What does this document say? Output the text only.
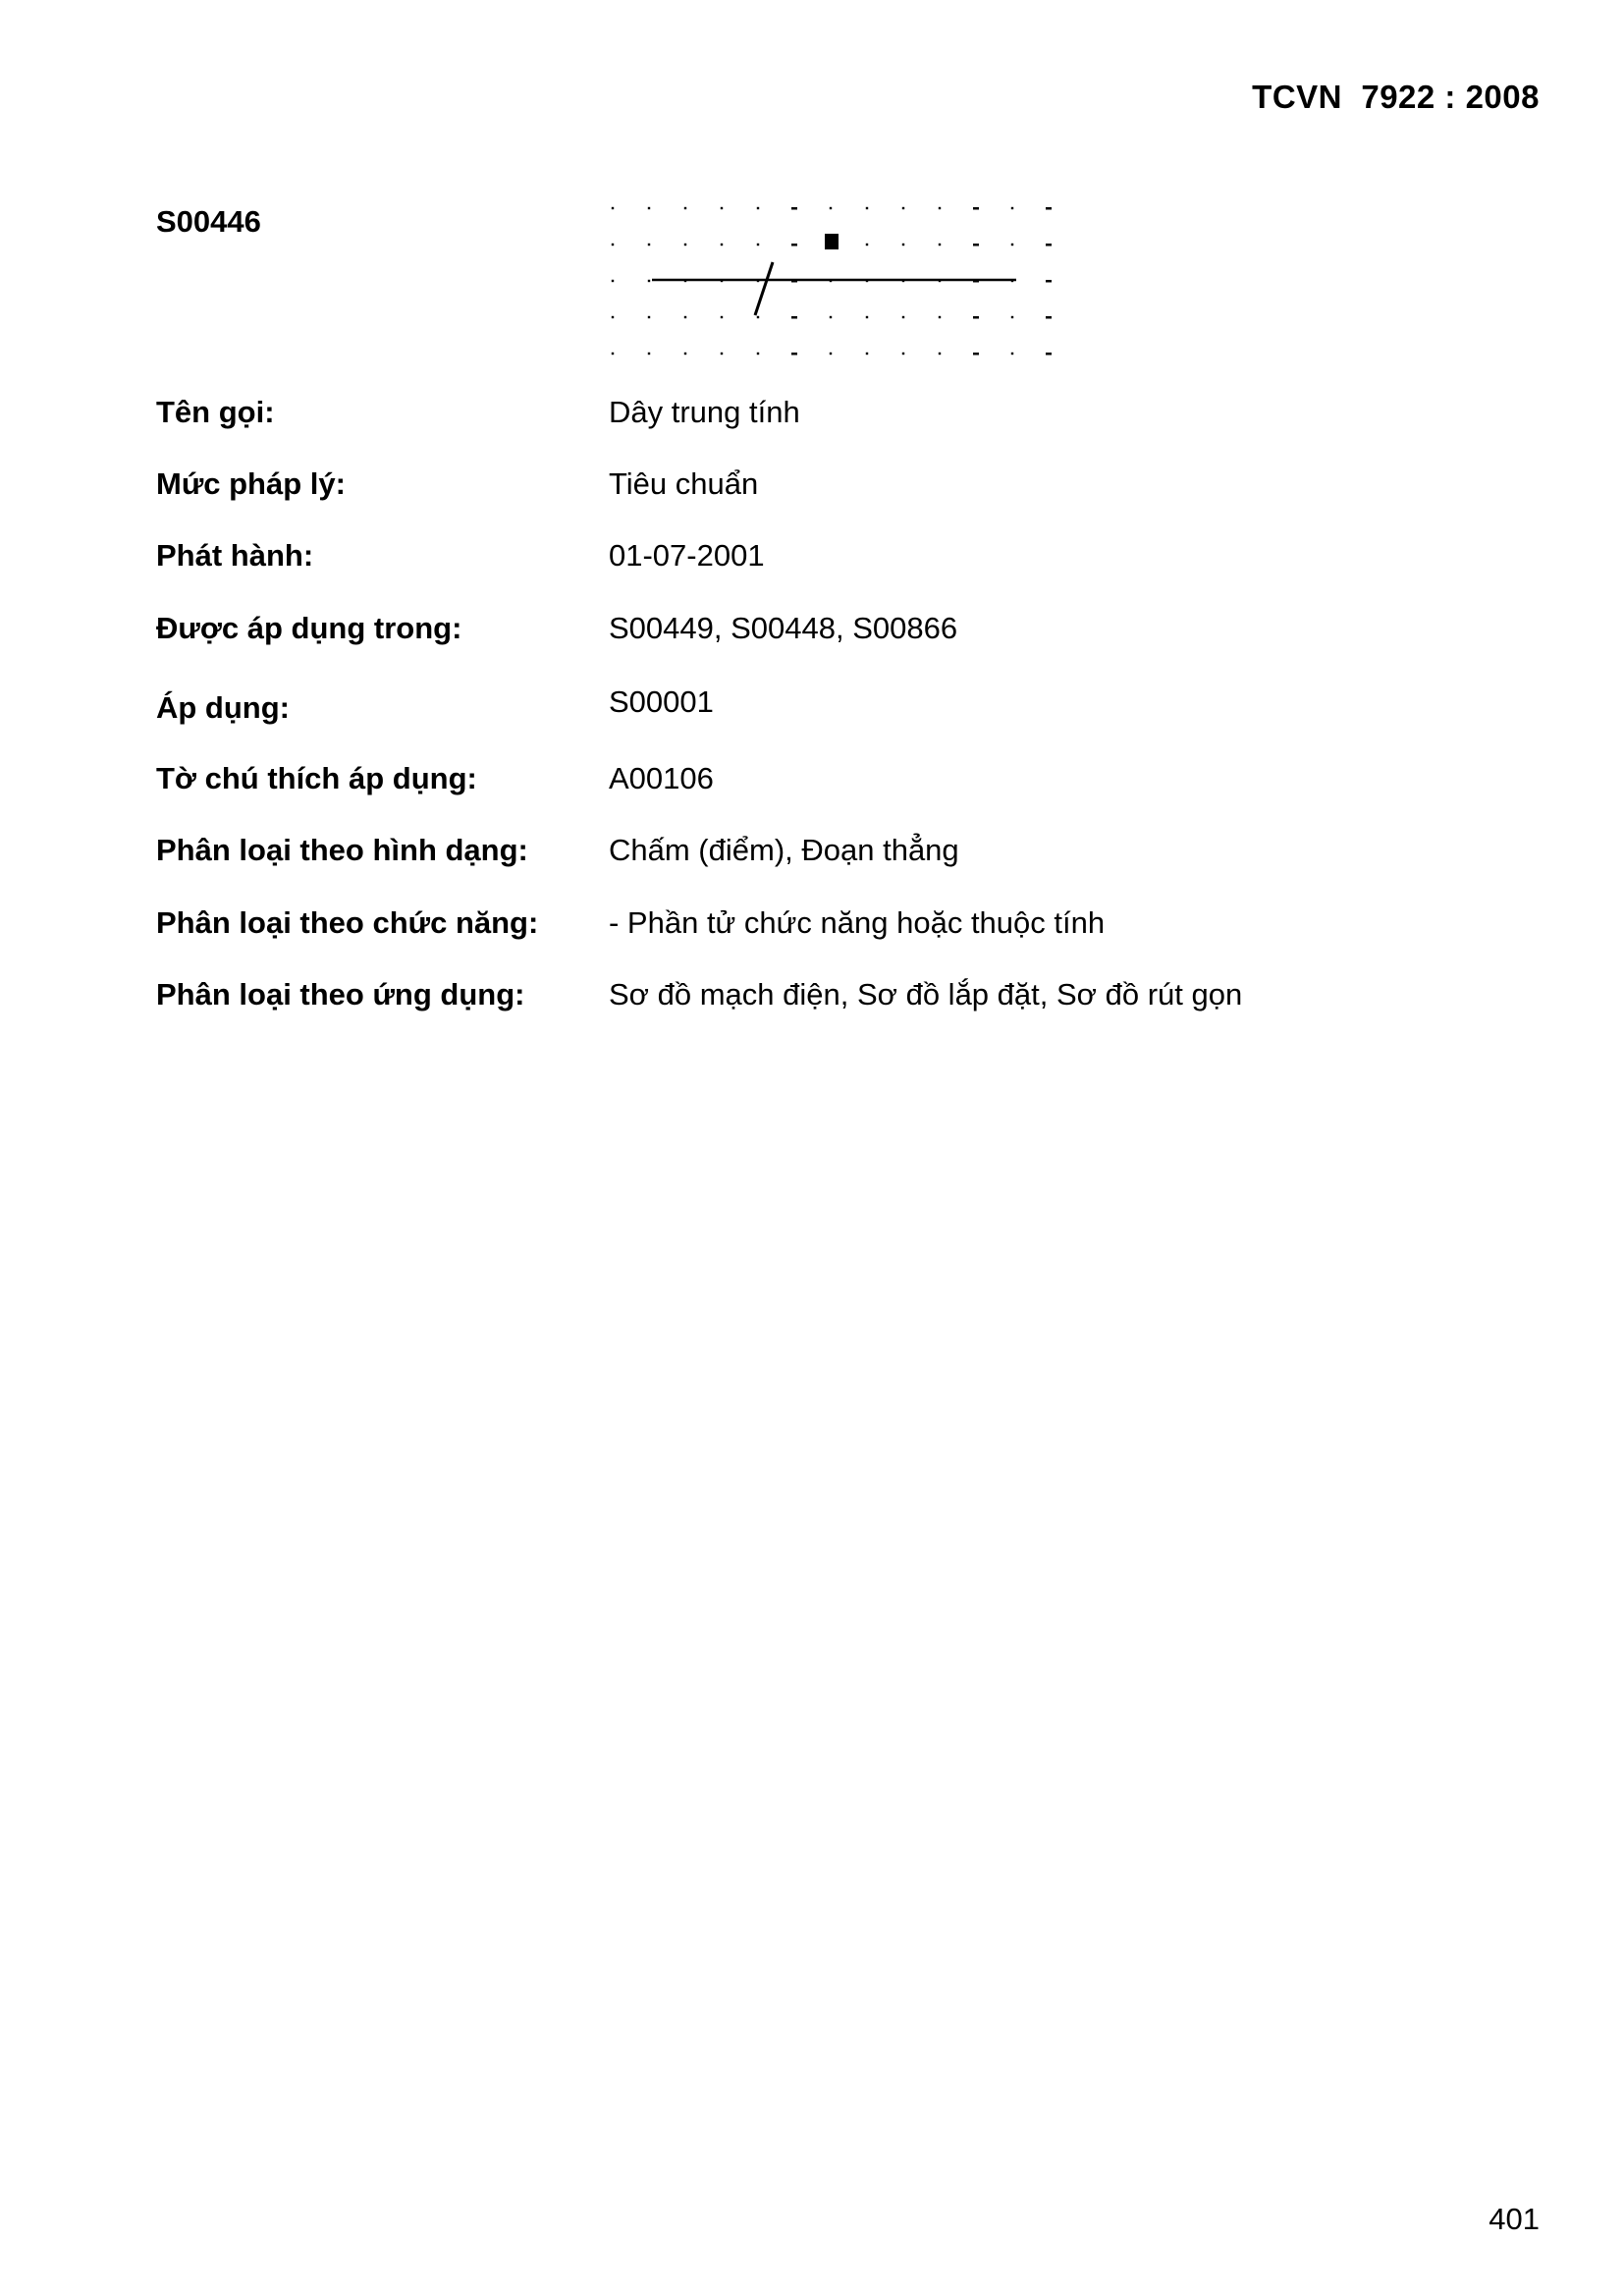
TCVN  7922 : 2008
S00446
Tên gọi:	Dây trung tính
Mức pháp lý:	Tiêu chuẩn
Phát hành:	01-07-2001
Được áp dụng trong:	S00449, S00448, S00866
Áp dụng:	S00001
Tờ chú thích áp dụng:	A00106
Phân loại theo hình dạng:	Chấm (điểm), Đoạn thẳng
Phân loại theo chức năng: - Phần tử chức năng hoặc thuộc tính
Phân loại theo ứng dụng:	Sơ đồ mạch điện, Sơ đồ lắp đặt, Sơ đồ rút gọn
401
